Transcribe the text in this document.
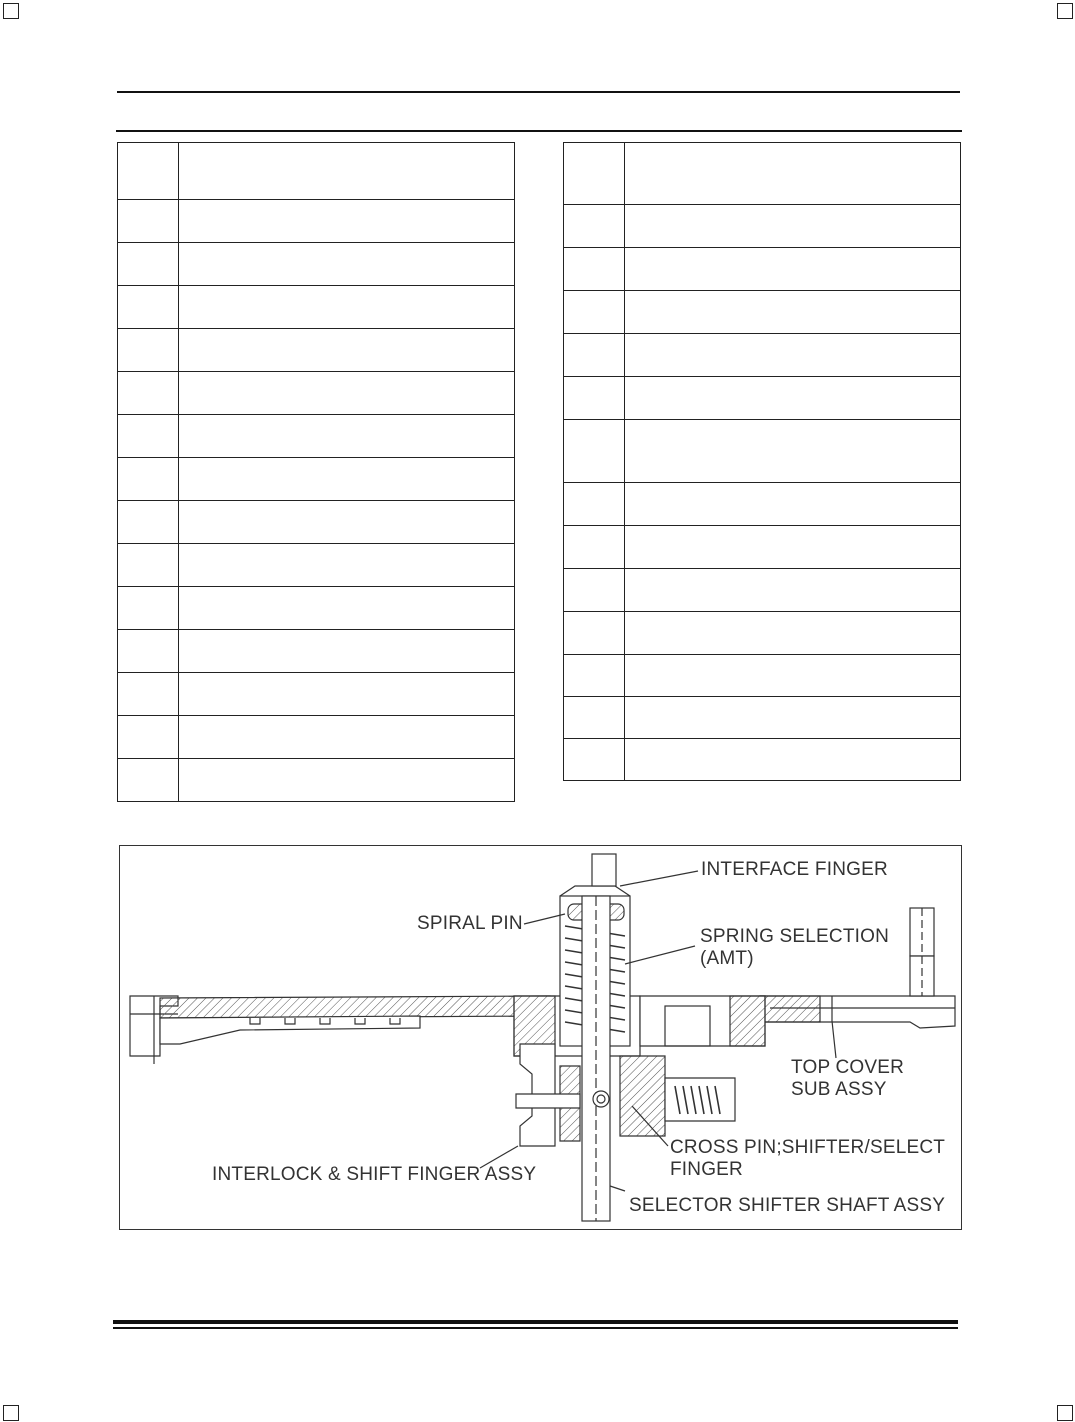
INTERFACE FINGER
SPIRAL PIN
SPRING SELECTION
(AMT)
TOP COVER
SUB ASSY
CROSS PIN;SHIFTER/SELECT
FINGER
INTERLOCK & SHIFT FINGER ASSY
SELECTOR SHIFTER SHAFT ASSY
